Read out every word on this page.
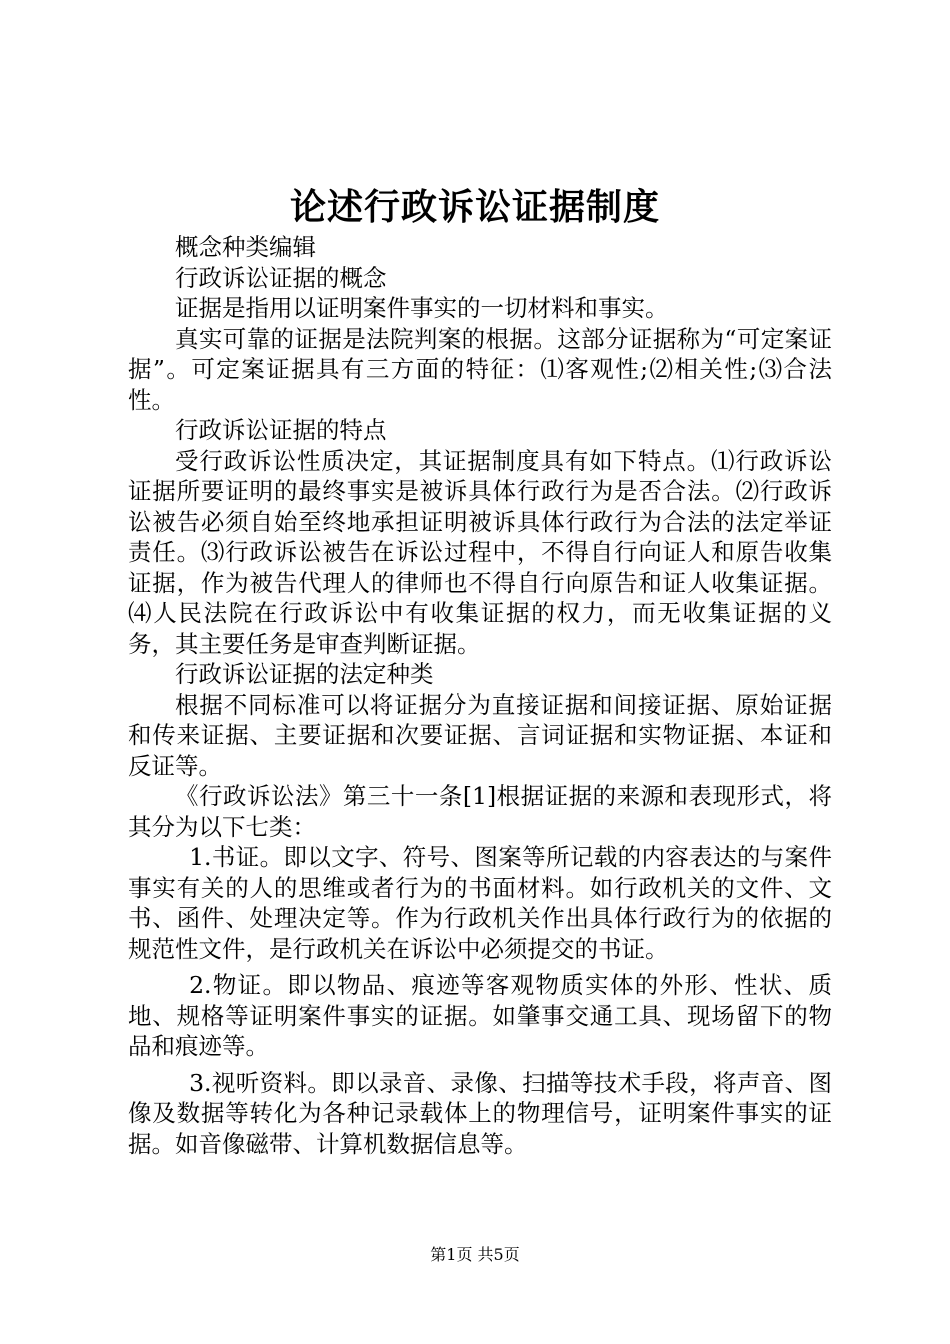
论述行政诉讼证据制度

概念种类编辑

行政诉讼证据的概念

证据是指用以证明案件事实的一切材料和事实。

真实可靠的证据是法院判案的根据。这部分证据称为“可定案证据”。可定案证据具有三方面的特征：⑴客观性;⑵相关性;⑶合法性。

行政诉讼证据的特点

受行政诉讼性质决定，其证据制度具有如下特点。⑴行政诉讼证据所要证明的最终事实是被诉具体行政行为是否合法。⑵行政诉讼被告必须自始至终地承担证明被诉具体行政行为合法的法定举证责任。⑶行政诉讼被告在诉讼过程中，不得自行向证人和原告收集证据，作为被告代理人的律师也不得自行向原告和证人收集证据。⑷人民法院在行政诉讼中有收集证据的权力，而无收集证据的义务，其主要任务是审查判断证据。

行政诉讼证据的法定种类

根据不同标准可以将证据分为直接证据和间接证据、原始证据和传来证据、主要证据和次要证据、言词证据和实物证据、本证和反证等。

《行政诉讼法》第三十一条[1]根据证据的来源和表现形式，将其分为以下七类：

1.书证。即以文字、符号、图案等所记载的内容表达的与案件事实有关的人的思维或者行为的书面材料。如行政机关的文件、文书、函件、处理决定等。作为行政机关作出具体行政行为的依据的规范性文件，是行政机关在诉讼中必须提交的书证。

2.物证。即以物品、痕迹等客观物质实体的外形、性状、质地、规格等证明案件事实的证据。如肇事交通工具、现场留下的物品和痕迹等。

3.视听资料。即以录音、录像、扫描等技术手段，将声音、图像及数据等转化为各种记录载体上的物理信号，证明案件事实的证据。如音像磁带、计算机数据信息等。

第1页 共5页
